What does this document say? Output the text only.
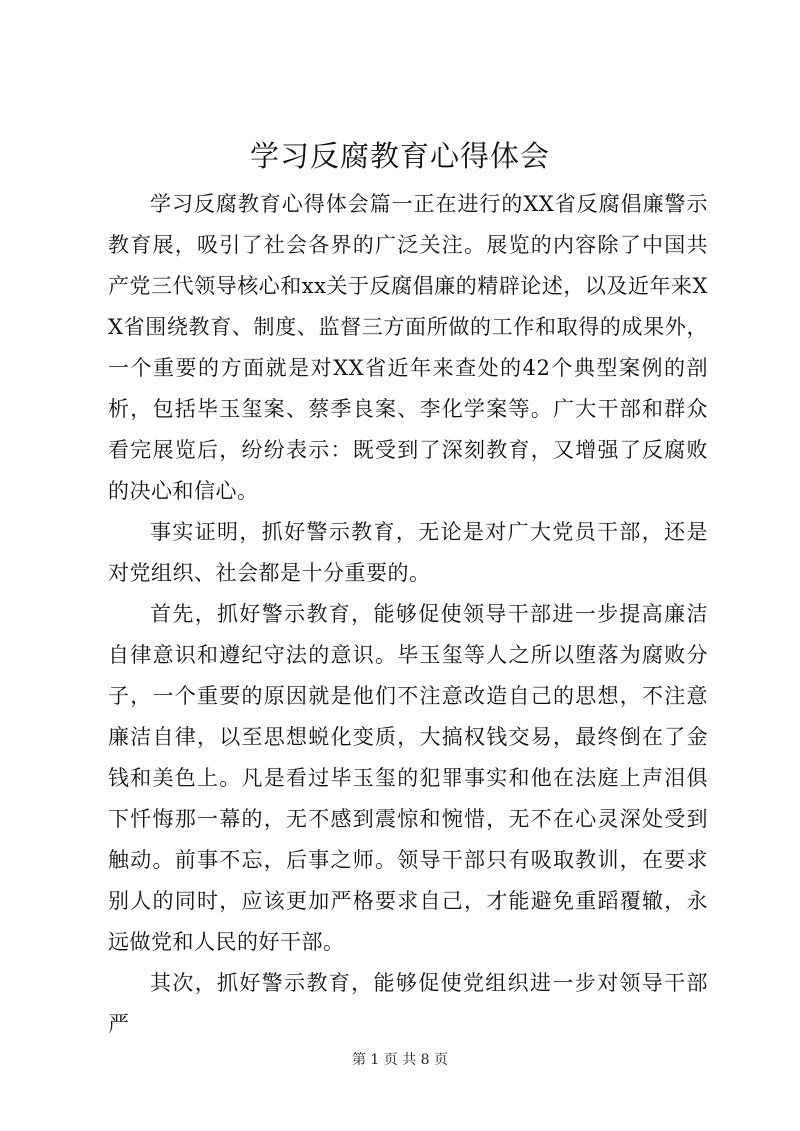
学习反腐教育心得体会

学习反腐教育心得体会篇一正在进行的XX省反腐倡廉警示教育展，吸引了社会各界的广泛关注。展览的内容除了中国共产党三代领导核心和xx关于反腐倡廉的精辟论述，以及近年来XX省围绕教育、制度、监督三方面所做的工作和取得的成果外，一个重要的方面就是对XX省近年来查处的42个典型案例的剖析，包括毕玉玺案、蔡季良案、李化学案等。广大干部和群众看完展览后，纷纷表示：既受到了深刻教育，又增强了反腐败的决心和信心。

事实证明，抓好警示教育，无论是对广大党员干部，还是对党组织、社会都是十分重要的。

首先，抓好警示教育，能够促使领导干部进一步提高廉洁自律意识和遵纪守法的意识。毕玉玺等人之所以堕落为腐败分子，一个重要的原因就是他们不注意改造自己的思想，不注意廉洁自律，以至思想蜕化变质，大搞权钱交易，最终倒在了金钱和美色上。凡是看过毕玉玺的犯罪事实和他在法庭上声泪俱下忏悔那一幕的，无不感到震惊和惋惜，无不在心灵深处受到触动。前事不忘，后事之师。领导干部只有吸取教训，在要求别人的同时，应该更加严格要求自己，才能避免重蹈覆辙，永远做党和人民的好干部。

其次，抓好警示教育，能够促使党组织进一步对领导干部严

第 1 页 共 8 页
